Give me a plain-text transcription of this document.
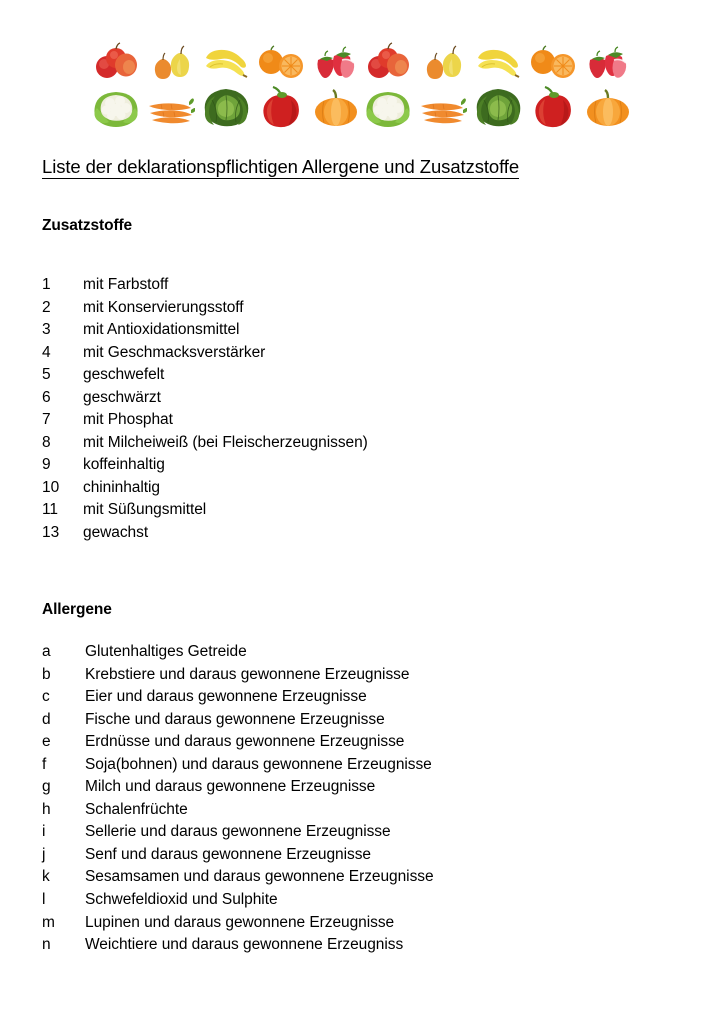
Liste der deklarationspflichtigen Allergene und Zusatzstoffe
Zusatzstoffe
1	mit Farbstoff
2	mit Konservierungsstoff
3	mit Antioxidationsmittel
4	mit Geschmacksverstärker
5	geschwefelt
6	geschwärzt
7	mit Phosphat
8	mit Milcheiweiß (bei Fleischerzeugnissen)
9	koffeinhaltig
10	chininhaltig
11	mit Süßungsmittel
13	gewachst
Allergene
a	Glutenhaltiges Getreide
b	Krebstiere und daraus gewonnene Erzeugnisse
c	Eier und daraus gewonnene Erzeugnisse
d	Fische und daraus gewonnene Erzeugnisse
e	Erdnüsse und daraus gewonnene Erzeugnisse
f	Soja(bohnen) und daraus gewonnene Erzeugnisse
g	Milch und daraus gewonnene Erzeugnisse
h	Schalenfrüchte
i	Sellerie und daraus gewonnene Erzeugnisse
j	Senf und daraus gewonnene Erzeugnisse
k	Sesamsamen und daraus gewonnene Erzeugnisse
l	Schwefeldioxid und Sulphite
m	Lupinen und daraus gewonnene Erzeugnisse
n	Weichtiere und daraus gewonnene Erzeugniss
